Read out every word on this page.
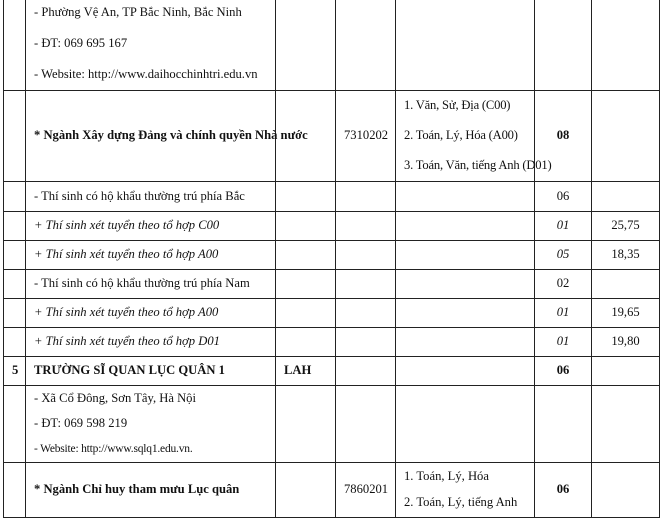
- Phường Vệ An, TP Bắc Ninh, Bắc Ninh
- ĐT: 069 695 167
- Website: http://www.daihocchinhtri.edu.vn					

	* Ngành Xây dựng Đảng và chính quyền Nhà nước		7310202	1. Văn, Sử, Địa (C00)
2. Toán, Lý, Hóa (A00)
3. Toán, Văn, tiếng Anh (D01)	08	
	- Thí sinh có hộ khẩu thường trú phía Bắc				06	
	+ Thí sinh xét tuyển theo tổ hợp C00				01	25,75
	+ Thí sinh xét tuyển theo tổ hợp A00				05	18,35
	- Thí sinh có hộ khẩu thường trú phía Nam				02	
	+ Thí sinh xét tuyển theo tổ hợp A00				01	19,65
	+ Thí sinh xét tuyển theo tổ hợp D01				01	19,80
5	TRƯỜNG SĨ QUAN LỤC QUÂN 1	LAH			06	

- Xã Cổ Đông, Sơn Tây, Hà Nội
- ĐT: 069 598 219
- Website: http://www.sqlq1.edu.vn.					

	* Ngành Chỉ huy tham mưu Lục quân		7860201	1. Toán, Lý, Hóa
2. Toán, Lý, tiếng Anh	06	
